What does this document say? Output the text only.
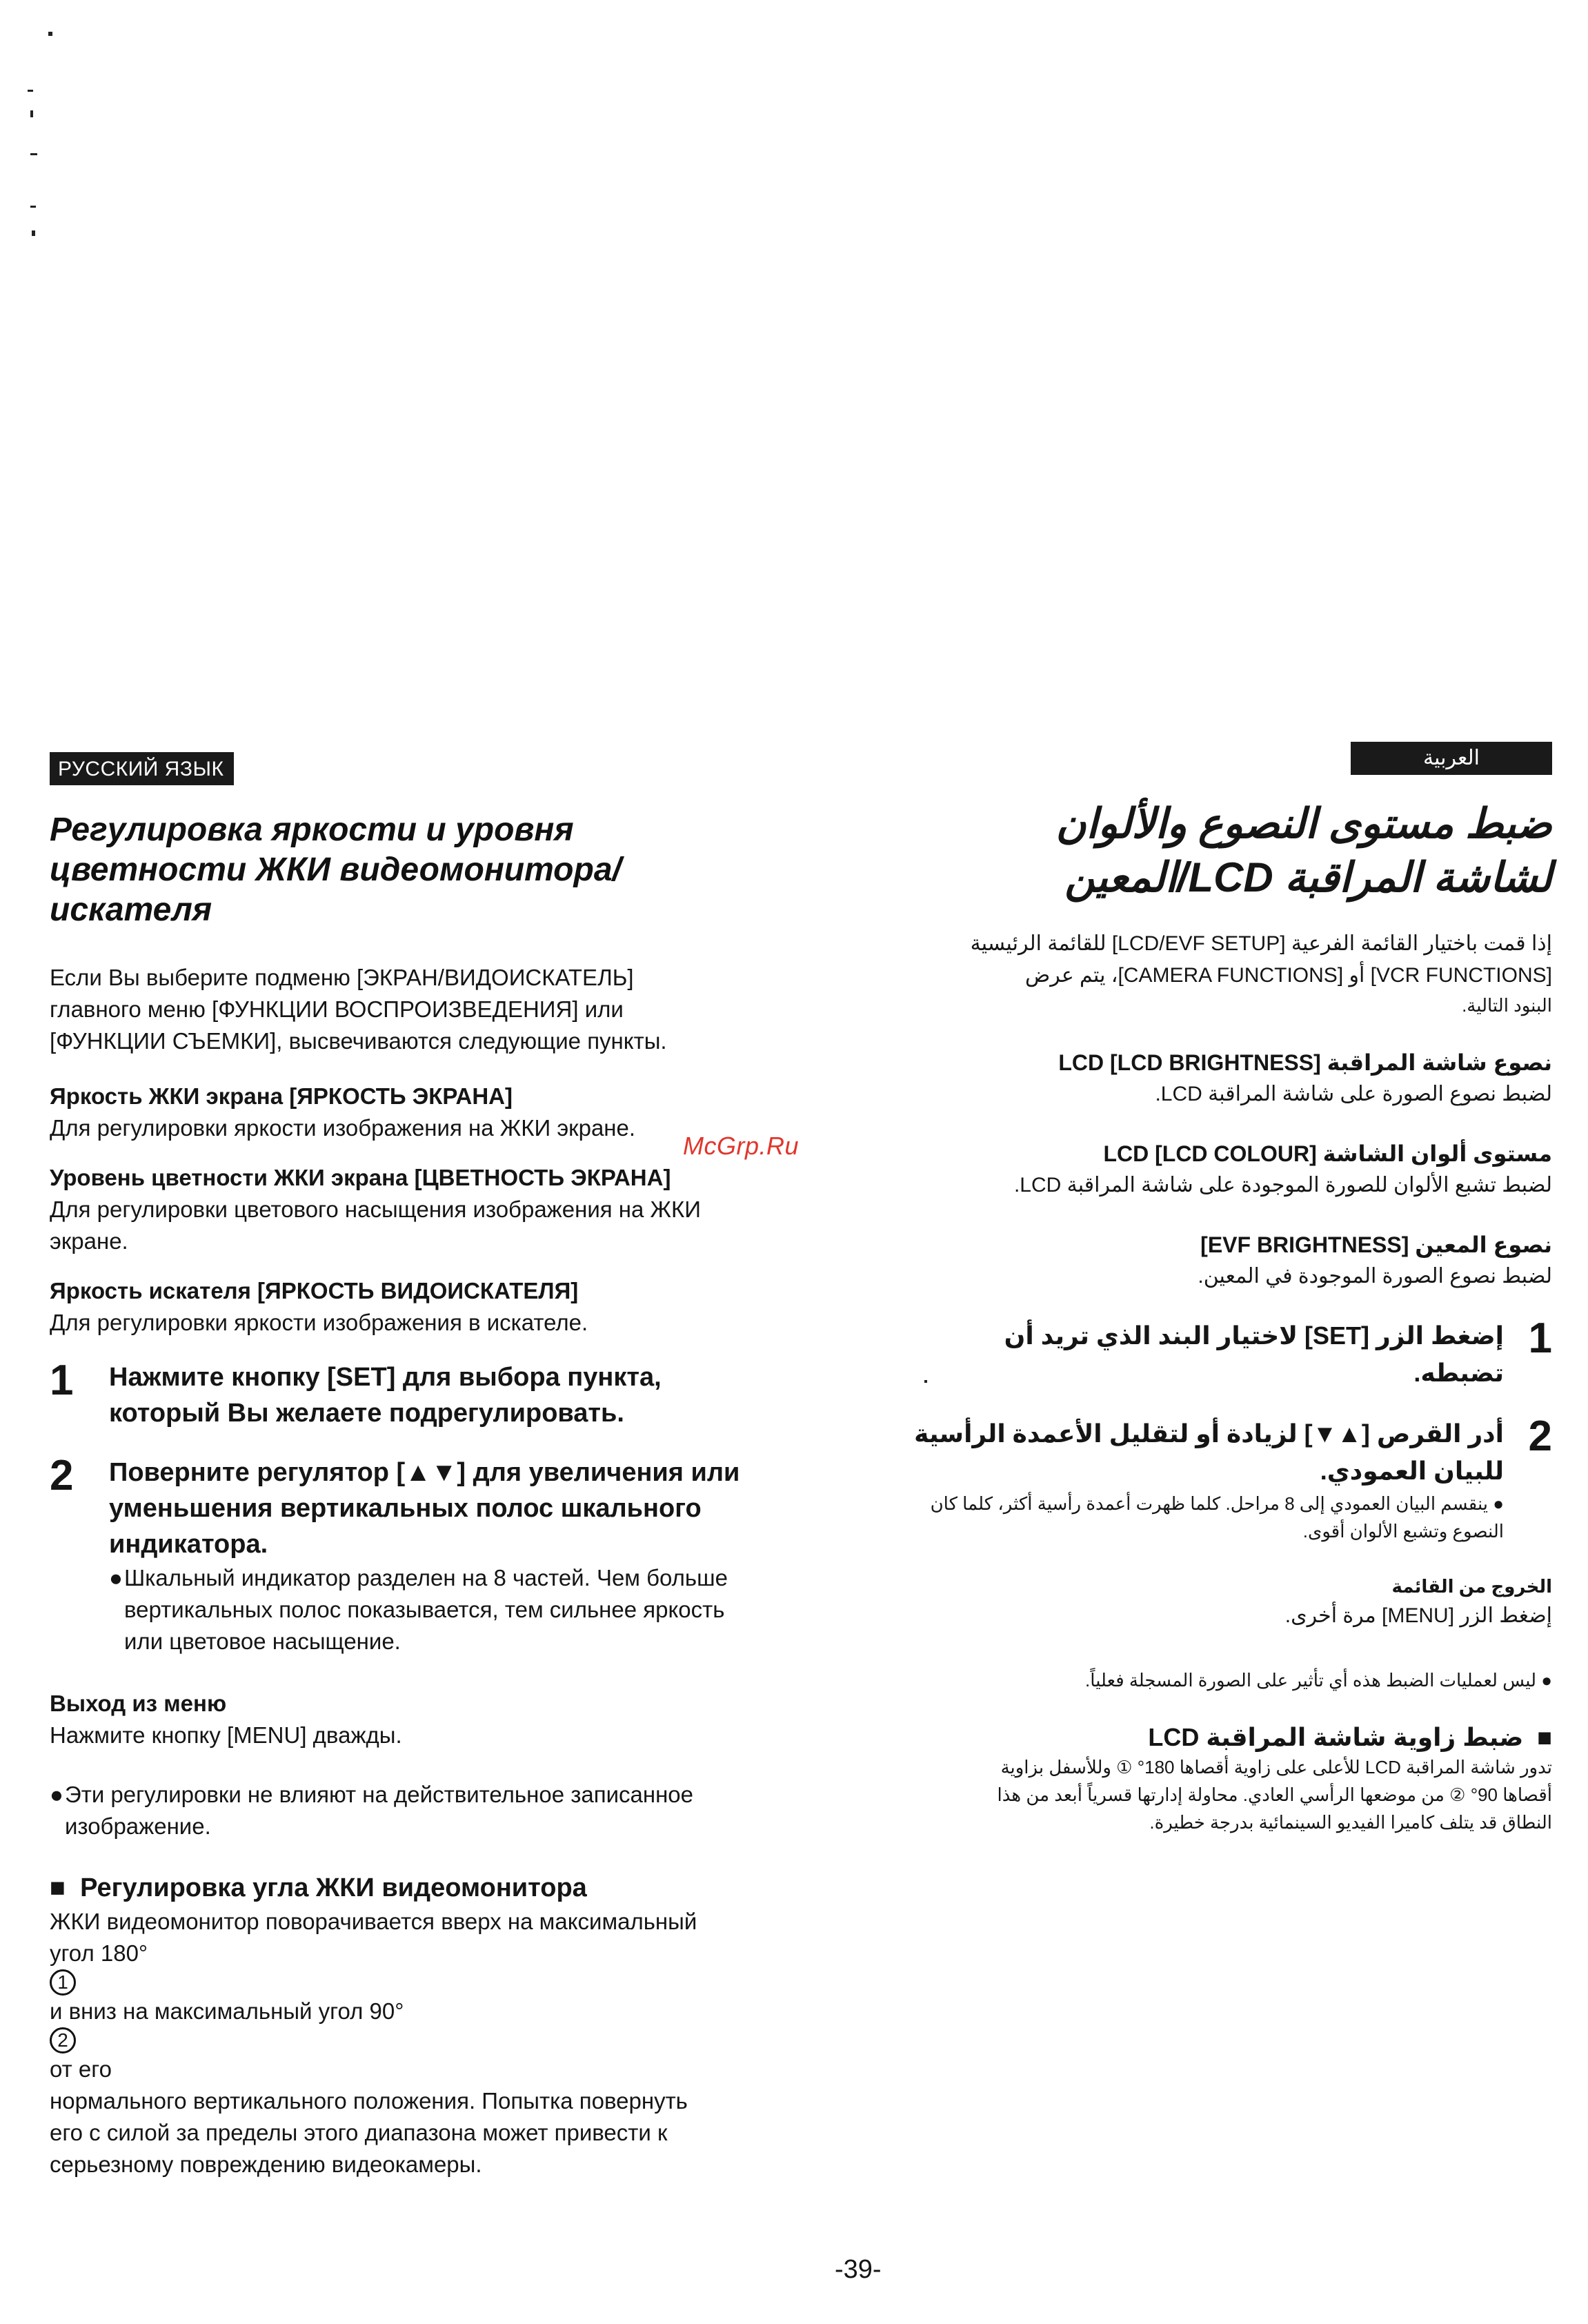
РУССКИЙ ЯЗЫК
Регулировка яркости и уровня
цветности ЖКИ видеомонитора/
искателя
Если Вы выберите подменю [ЭКРАН/ВИДОИСКАТЕЛЬ]
главного меню [ФУНКЦИИ ВОСПРОИЗВЕДЕНИЯ] или
[ФУНКЦИИ СЪЕМКИ], высвечиваются следующие пункты.
Яркость ЖКИ экрана [ЯРКОСТЬ ЭКРАНА]
Для регулировки яркости изображения на ЖКИ экране.
Уровень цветности ЖКИ экрана [ЦВЕТНОСТЬ ЭКРАНА]
Для регулировки цветового насыщения изображения на ЖКИ
экране.
Яркость искателя [ЯРКОСТЬ ВИДОИСКАТЕЛЯ]
Для регулировки яркости изображения в искателе.
1	Нажмите кнопку [SET] для выбора пункта,
который Вы желаете подрегулировать.
2	Поверните регулятор [▲▼] для увеличения или
уменьшения вертикальных полос шкального
индикатора.
● Шкальный индикатор разделен на 8 частей. Чем больше
вертикальных полос показывается, тем сильнее яркость
или цветовое насыщение.
Выход из меню
Нажмите кнопку [MENU] дважды.
● Эти регулировки не влияют на действительное записанное
изображение.
■ Регулировка угла ЖКИ видеомонитора
ЖКИ видеомонитор поворачивается вверх на максимальный
угол 180°
1
и вниз на максимальный угол 90°
2
от его
нормального вертикального положения. Попытка повернуть
его с силой за пределы этого диапазона может привести к
серьезному повреждению видеокамеры.
McGrp.Ru
العربية
ضبط مستوى النصوع والألوان
لشاشة المراقبة LCD/المعين
إذا قمت باختيار القائمة الفرعية [LCD/EVF SETUP] للقائمة الرئيسية
[VCR FUNCTIONS] أو [CAMERA FUNCTIONS]، يتم عرض
البنود التالية.
نصوع شاشة المراقبة LCD [LCD BRIGHTNESS]
لضبط نصوع الصورة على شاشة المراقبة LCD.
مستوى ألوان الشاشة LCD [LCD COLOUR]
لضبط تشبع الألوان للصورة الموجودة على شاشة المراقبة LCD.
نصوع المعين [EVF BRIGHTNESS]
لضبط نصوع الصورة الموجودة في المعين.
1
إضغط الزر [SET] لاختيار البند الذي تريد أن
تضبطه.
2
أدر القرص [▲▼] لزيادة أو لتقليل الأعمدة الرأسية
للبيان العمودي.
● ينقسم البيان العمودي إلى 8 مراحل. كلما ظهرت أعمدة رأسية أكثر، كلما كان
النصوع وتشبع الألوان أقوى.
الخروج من القائمة
إضغط الزر [MENU] مرة أخرى.
● ليس لعمليات الضبط هذه أي تأثير على الصورة المسجلة فعلياً.
■  ضبط زاوية شاشة المراقبة LCD
تدور شاشة المراقبة LCD للأعلى على زاوية أقصاها 180° ① وللأسفل بزاوية
أقصاها 90° ② من موضعها الرأسي العادي. محاولة إدارتها قسرياً أبعد من هذا
النطاق قد يتلف كاميرا الفيديو السينمائية بدرجة خطيرة.
-39-
